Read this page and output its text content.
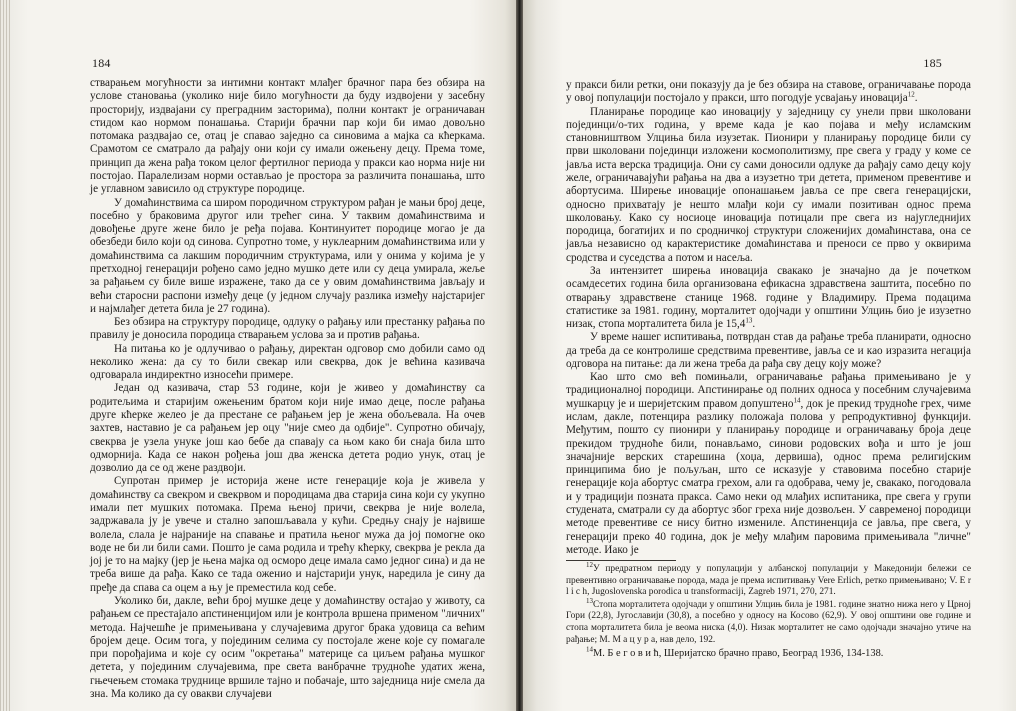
184

стварањем могућности за интимни контакт млађег брачног пара без обзира на услове становања (уколико није било могућности да буду издвојени у засебну просторију, издвајани су преградним засторима), полни контакт је ограничаван стидом као нормом понашања. Старији брачни пар који би имао довољно потомака раздвајао се, отац је спавао заједно са синовима а мајка са кћеркама. Срамотом се сматрало да рађају они који су имали ожењену децу. Према томе, принцип да жена рађа током целог фертилног периода у пракси као норма није ни постојао. Паралелизам норми остављао је простора за различита понашања, што је углавном зависило од структуре породице.

У домаћинствима са широм породичном структуром рађан је мањи број деце, посебно у браковима другог или трећег сина. У таквим домаћинствима и довођење друге жене било је ређа појава. Континуитет породице могао је да обезбеди било који од синова. Супротно томе, у нуклеарним домаћинствима или у домаћинствима са лакшим породичним структурама, или у онима у којима је у претходној генерацији рођено само једно мушко дете или су деца умирала, жеље за рађањем су биле више изражене, тако да се у овим домаћинствима јављају и већи старосни распони између деце (у једном случају разлика између најстаријег и најмлађег детета била је 27 година).

Без обзира на структуру породице, одлуку о рађању или престанку рађања по правилу је доносила породица стварањем услова за и против рађања.

На питања ко је одлучивао о рађању, директан одговор смо добили само од неколико жена: да су то били свекар или свекрва, док је већина казивача одговарала индиректно износећи примере.

Један од казивача, стар 53 године, који је живео у домаћинству са родитељима и старијим ожењеним братом који није имао деце, после рађања друге кћерке желео је да престане се рађањем јер је жена обољевала. На очев захтев, наставио је са рађањем јер оцу "није смео да одбије". Супротно обичају, свекрва је узела унуке још као бебе да спавају са њом како би снаја била што одморнија. Када се након рођења још два женска детета родио унук, отац је дозволио да се од жене раздвоји.

Супротан пример је историја жене исте генерације која је живела у домаћинству са свекром и свекрвом и породицама два старија сина који су укупно имали пет мушких потомака. Према њеној причи, свекрва је није волела, задржавала ју је увече и стално запошљавала у кући. Средњу снају је највише волела, слала је најраније на спавање и пратила њеног мужа да јој помогне око воде не би ли били сами. Пошто је сама родила и трећу кћерку, свекрва је рекла да јој је то на мајку (јер је њена мајка од осморо деце имала само једног сина) и да не треба више да рађа. Како се тада оженио и најстарији унук, наредила је сину да пређе да спава са оцем а њу је преместила код себе.

Уколико би, дакле, већи број мушке деце у домаћинству остајао у животу, са рађањем се престајало апстиненцијом или је контрола вршена применом "личних" метода. Најчешће је примењивана у случајевима другог брака удовица са већим бројем деце. Осим тога, у појединим селима су постојале жене које су помагале при порођајима и које су осим "окретања" материце са циљем рађања мушког детета, у појединим случајевима, пре света ванбрачне труднoће удатих жена, гњечењем стомака труднице вршиле тајно и побачаје, што заједница није смела да зна. Ма колико да су овакви случајеви

185

у пракси били ретки, они показују да је без обзира на ставове, ограничавање порода у овој популацији постојало у пракси, што погодује усвајању иновација$^{12}$.

Планирање породице као иновацију у заједницу су унели први школовани појединци/о-тих година, у време када је као појава и међу исламским становништвом Улциња била изузетак. Пионири у планирању породице били су први школовани појединци изложени космополитизму, пре свега у граду у коме се јавља иста верска традиција. Они су сами доносили одлуке да рађају само децу коју желе, ограничавајући рађања на два а изузетно три детета, применом превентиве и абортусима. Ширење иновације опонашањем јавља се пре свега генерацијски, односно прихватају је нешто млађи који су имали позитиван однос према школовању. Како су носиоце иновација потицали пре свега из најугледнијих породица, богатијих и по сродничкој структури сложенијих домаћинстава, она се јавља независно од карактеристике домаћинстава и преноси се прво у оквирима сродства и суседства а потом и насеља.

За интензитет ширења иновација свакако је значајно да је почетком осамдесетих година била организована ефикасна здравствена заштита, посебно по отварању здравствене станице 1968. године у Владимиру. Према подацима статистике за 1981. годину, морталитет одојчади у општини Улцињ био је изузетно низак, стопа морталитета била је 15,4$^{13}$.

У време нашег испитивања, потврдан став да рађање треба планирати, односно да треба да се контролише средствима превентиве, јавља се и као изразита негација одговора на питање: да ли жена треба да рађа сву децу коју може?

Као што смо већ помињали, ограничавање рађања примењивано је у традиционалној породици. Апстинирање од полних односа у посебним случајевима мушкарцу је и шеријетским правом допуштено$^{14}$, док је прекид трудноће грех, чиме ислам, дакле, потенцира разлику положаја полова у репродуктивној функцији. Међутим, пошто су пионири у планирању породице и ограничавању броја деце прекидом трудноће били, понављамо, синови родовских вођа и што је још значајније верских старешина (хоџа, дервиша), однос према религијским принципима био је пољуљан, што се исказује у ставовима посебно старије генерације која абортус сматра грехом, али га одобрава, чему је, свакако, погодовала и у традицији позната пракса. Само неки од млађих испитаника, пре свега у групи студената, сматрали су да абортус због греха није дозвољен. У савременој породици методе превентиве се нису битно измениле. Апстиненција се јавља, пре свега, у генерацији преко 40 година, док је међу млађим паровима примењивала "личне" методе. Иако је

$^{12}$У предратном периоду у популацији у албанској популацији у Македонији бележи се превентивно ограничавање порода, мада је према испитивању Vere Erlich, ретко примењивано; V. E r l i c h, Jugoslovenska porodica u transformaciji, Zagreb 1971, 270, 271.

$^{13}$Стопа морталитета одојчади у општини Улцињ била је 1981. године знатно нижа него у Црној Гори (22,8), Југославији (30,8), а посебно у односу на Косово (62,9). У овој општини ове године и стопа морталитета била је веома ниска (4,0). Низак морталитет не само одојчади значајно утиче на рађање; М. М а ц у р а, нав дело, 192.

$^{14}$М. Б е г о в и ћ, Шеријатско брачно право, Београд 1936, 134-138.
